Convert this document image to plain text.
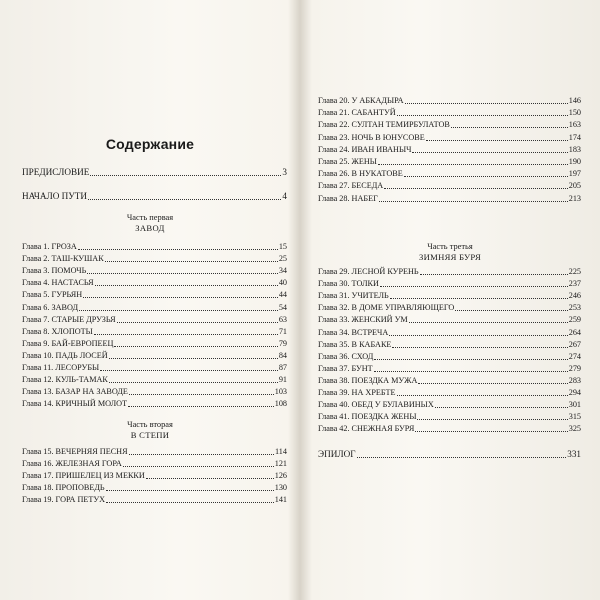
Содержание
ПРЕДИСЛОВИЕ	3
НАЧАЛО ПУТИ	4
Часть первая
ЗАВОД
Глава 1. ГРОЗА	15
Глава 2. ТАШ-КУШАК	25
Глава 3. ПОМОЧЬ	34
Глава 4. НАСТАСЬЯ	40
Глава 5. ГУРЬЯН	44
Глава 6. ЗАВОД	54
Глава 7. СТАРЫЕ ДРУЗЬЯ	63
Глава 8. ХЛОПОТЫ	71
Глава 9. БАЙ-ЕВРОПЕЕЦ	79
Глава 10. ПАДЬ ЛОСЕЙ	84
Глава 11. ЛЕСОРУБЫ	87
Глава 12. КУЛЬ-ТАМАК	91
Глава 13. БАЗАР НА ЗАВОДЕ	103
Глава 14. КРИЧНЫЙ МОЛОТ	108
Часть вторая
В СТЕПИ
Глава 15. ВЕЧЕРНЯЯ ПЕСНЯ	114
Глава 16. ЖЕЛЕЗНАЯ ГОРА	121
Глава 17. ПРИШЕЛЕЦ ИЗ МЕККИ	126
Глава 18. ПРОПОВЕДЬ	130
Глава 19. ГОРА ПЕТУХ	141
Глава 20. У АБКАДЫРА	146
Глава 21. САБАНТУЙ	150
Глава 22. СУЛТАН ТЕМИРБУЛАТОВ	163
Глава 23. НОЧЬ В ЮНУСОВЕ	174
Глава 24. ИВАН ИВАНЫЧ	183
Глава 25. ЖЕНЫ	190
Глава 26. В НУКАТОВЕ	197
Глава 27. БЕСЕДА	205
Глава 28. НАБЕГ	213
Часть третья
ЗИМНЯЯ БУРЯ
Глава 29. ЛЕСНОЙ КУРЕНЬ	225
Глава 30. ТОЛКИ	237
Глава 31. УЧИТЕЛЬ	246
Глава 32. В ДОМЕ УПРАВЛЯЮЩЕГО	253
Глава 33. ЖЕНСКИЙ УМ	259
Глава 34. ВСТРЕЧА	264
Глава 35. В КАБАКЕ	267
Глава 36. СХОД	274
Глава 37. БУНТ	279
Глава 38. ПОЕЗДКА МУЖА	283
Глава 39. НА ХРЕБТЕ	294
Глава 40. ОБЕД У БУЛАВИНЫХ	301
Глава 41. ПОЕЗДКА ЖЕНЫ	315
Глава 42. СНЕЖНАЯ БУРЯ	325
ЭПИЛОГ	331
